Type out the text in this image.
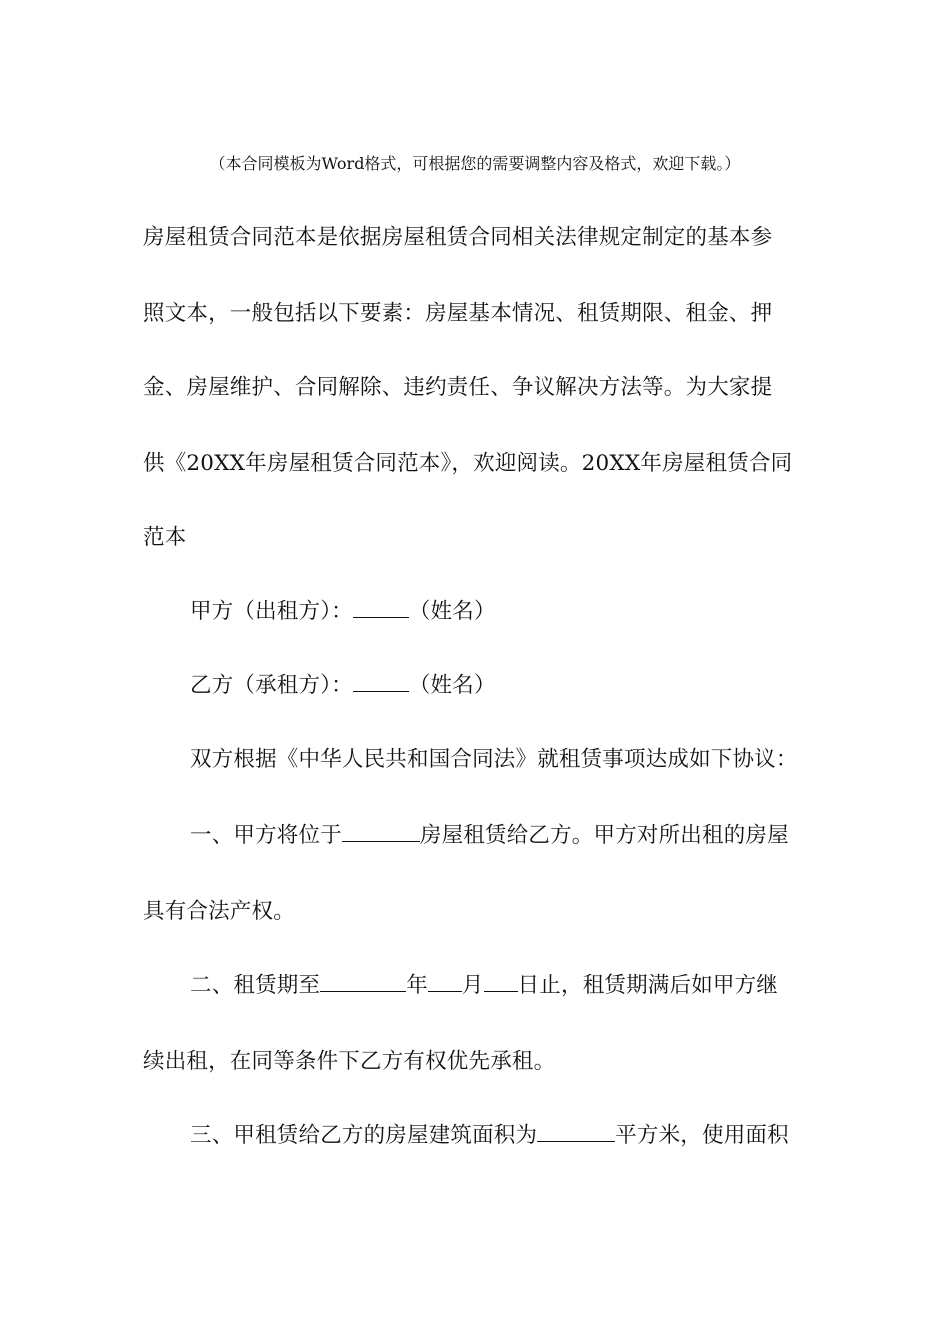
（本合同模板为Word格式，可根据您的需要调整内容及格式，欢迎下载。）
房屋租赁合同范本是依据房屋租赁合同相关法律规定制定的基本参
照文本，一般包括以下要素：房屋基本情况、租赁期限、租金、押
金、房屋维护、合同解除、违约责任、争议解决方法等。为大家提
供《20XX年房屋租赁合同范本》，欢迎阅读。20XX年房屋租赁合同
范本
甲方（出租方）：	（姓名）
乙方（承租方）：	（姓名）
双方根据《中华人民共和国合同法》就租赁事项达成如下协议：
一、甲方将位于	房屋租赁给乙方。甲方对所出租的房屋
具有合法产权。
二、租赁期至	年 月 日止，租赁期满后如甲方继
续出租，在同等条件下乙方有权优先承租。
三、甲租赁给乙方的房屋建筑面积为	平方米，使用面积
